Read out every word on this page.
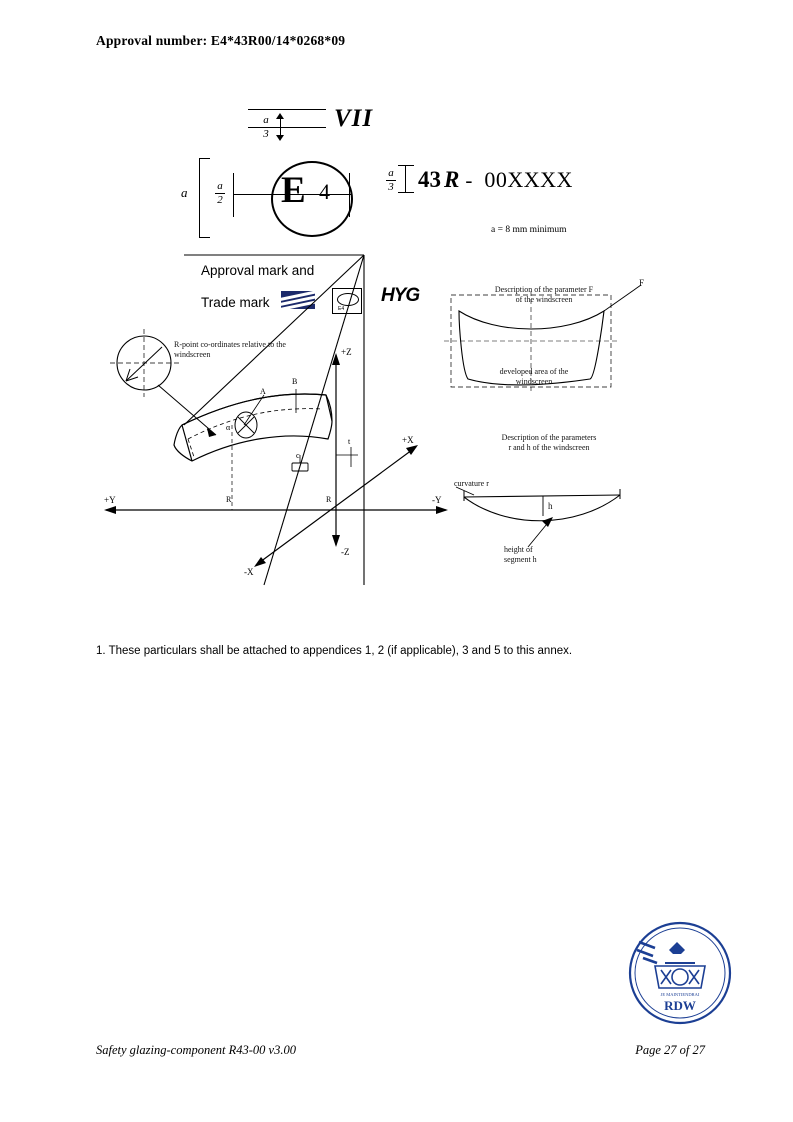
Approval number: E4*43R00/14*0268*09
$\frac{a}{3}$	VII
a	a
2 E 4	$\frac{a}{3} 43$ R - 00XXXX
a = 8 mm minimum
Approval mark and
Trade mark	E4
HYG
R-point co-ordinates relative to the
windscreen
Description of the parameter F
of the windscreen
developed area of the
windscreen
F
Description of the parameters
r and h of the windscreen
curvature r
h
height of
segment h
+Z
-Z
+X
-X
+Y	-Y
A
B
α
c
t
R
R
1. These particulars shall be attached to appendices 1, 2 (if applicable), 3 and 5 to this annex.
RDW
JE MAINTIENDRAI
Safety glazing-component R43-00 v3.00	Page 27 of 27
